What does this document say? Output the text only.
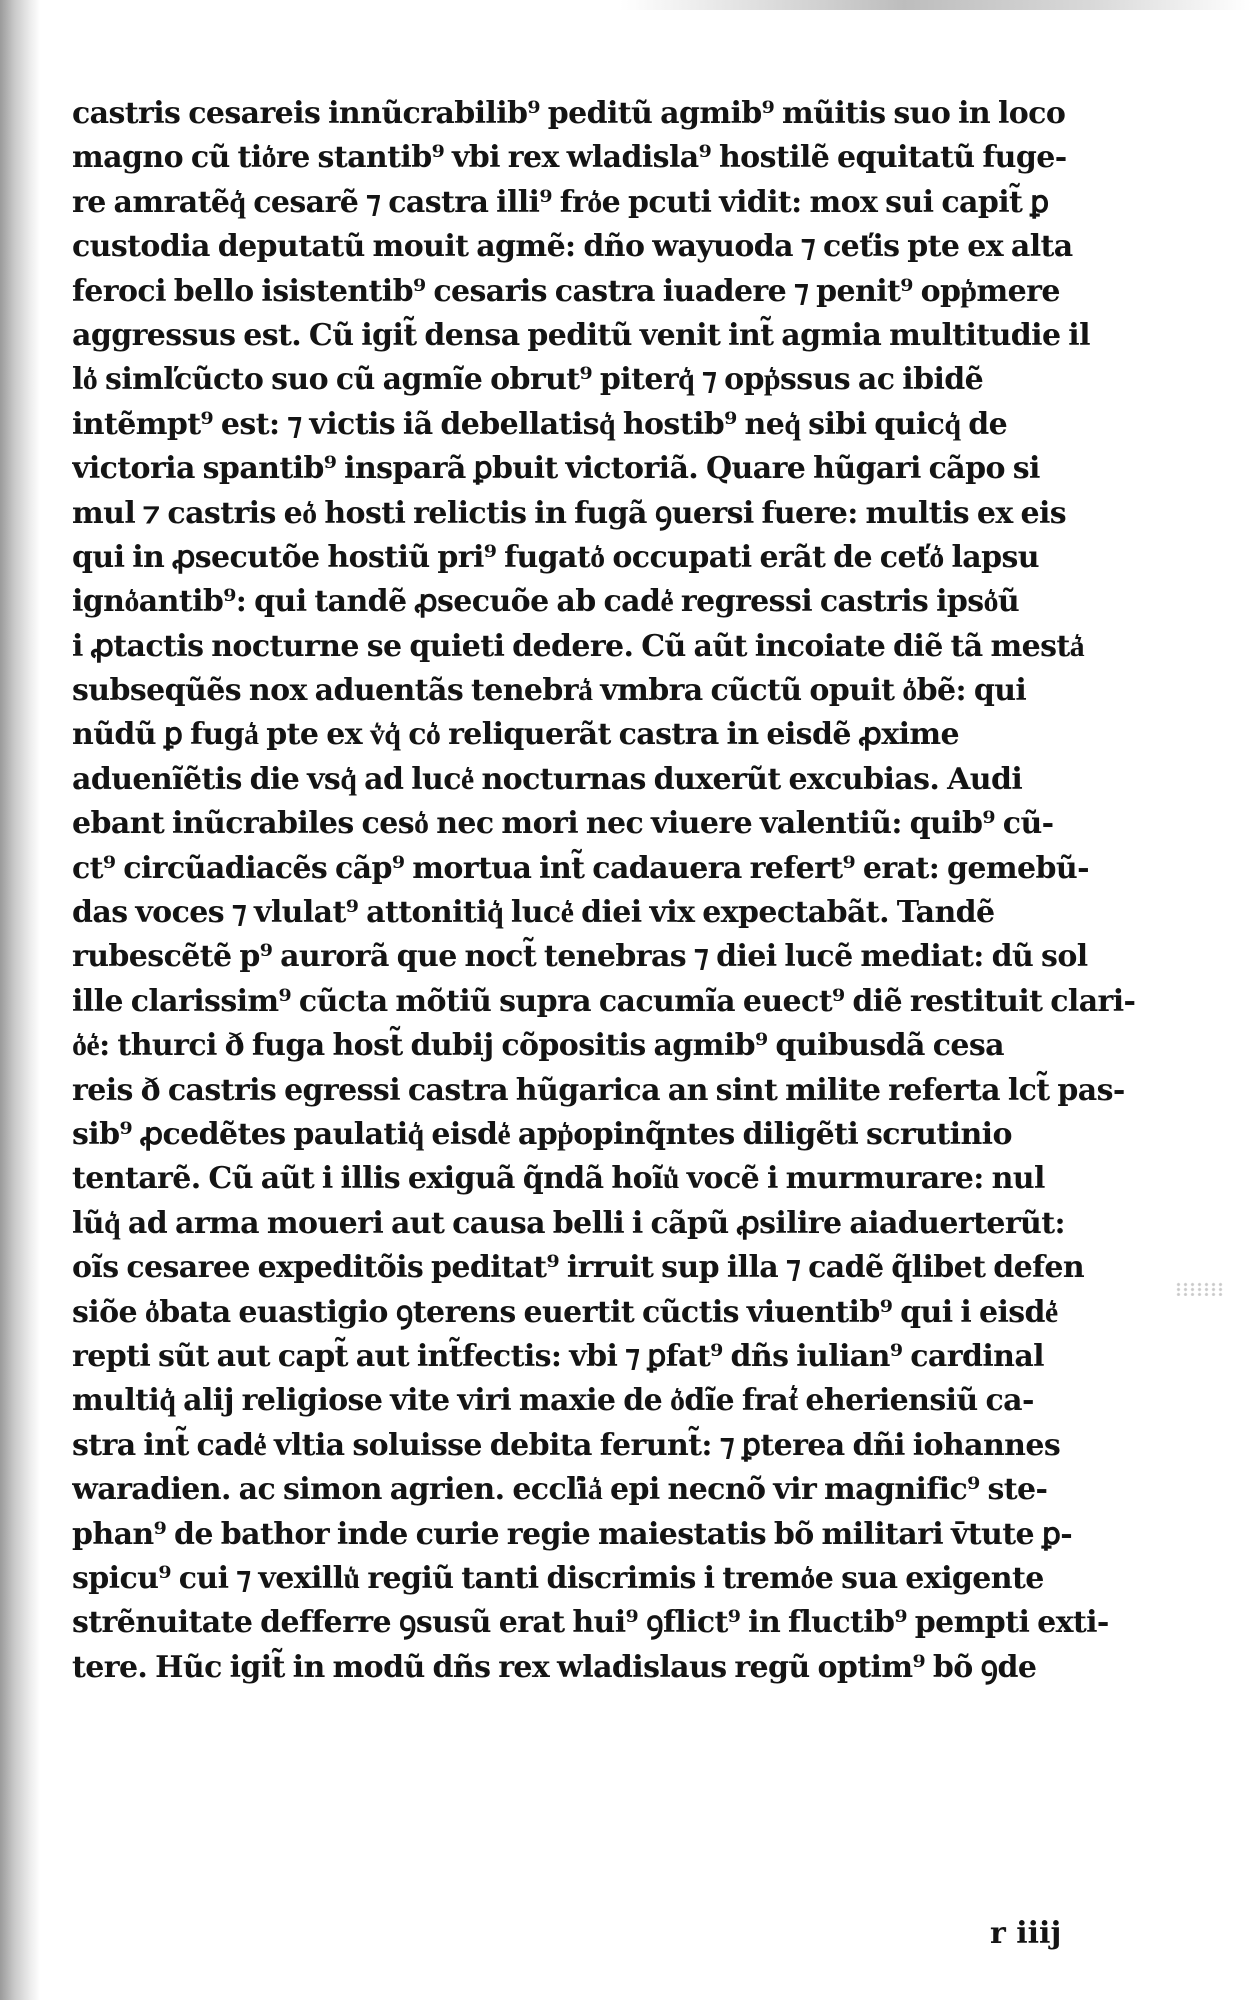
castris cesareis innũcrabilib⁹ peditũ agmib⁹ mũitis suo in loco
magno cũ tio͛re stantib⁹ vbi rex wladisla⁹ hostilẽ equitatũ fuge-
re amratẽq͛ cesarẽ ⁊ castra illi⁹ fro͛e pcuti vidit: mox sui capit̃ ꝑ
custodia deputatũ mouit agmẽ: dño wayuoda ⁊ ceťis pte ex alta
feroci bello isistentib⁹ cesaris castra iuadere ⁊ penit⁹ opp͛mere
aggressus est. Cũ igit̃ densa peditũ venit int̃ agmia multitudie il
lo͛ simľcũcto suo cũ agmĩe obrut⁹ piterq͛ ⁊ opp͛ssus ac ibidẽ
intẽmpt⁹ est: ⁊ victis iã debellatisq͛ hostib⁹ neq͛ sibi quicq͛ de
victoria spantib⁹ insparã ꝑbuit victoriã. Quare hũgari cãpo si
mul ⁊ castris eo͛ hosti relictis in fugã ꝯuersi fuere: multis ex eis
qui in ꝓsecutõe hostiũ pri⁹ fugato͛ occupati erãt de ceťo͛ lapsu
igno͛antib⁹: qui tandẽ ꝓsecuõe ab cade͛ regressi castris ipso͛ũ
i ꝓtactis nocturne se quieti dedere. Cũ aũt incoiate diẽ tã mesta͛
subseqũẽs nox aduentãs tenebra͛ vmbra cũctũ opuit o͛bẽ: qui
nũdũ ꝑ fuga͛ pte ex v͛q͛ co͛ reliquerãt castra in eisdẽ ꝓxime
aduenĩẽtis die vsq͛ ad luce͛ nocturnas duxerũt excubias. Audi
ebant inũcrabiles ceso͛ nec mori nec viuere valentiũ: quib⁹ cũ-
ct⁹ circũadiacẽs cãp⁹ mortua int̃ cadauera refert⁹ erat: gemebũ-
das voces ⁊ vlulat⁹ attonitiq͛ luce͛ diei vix expectabãt. Tandẽ
rubescẽtẽ p⁹ aurorã que noct̃ tenebras ⁊ diei lucẽ mediat: dũ sol
ille clarissim⁹ cũcta mõtiũ supra cacumĩa euect⁹ diẽ restituit clari-
o͛e͛: thurci ð fuga host̃ dubij cõpositis agmib⁹ quibusdã cesa
reis ð castris egressi castra hũgarica an sint milite referta lct̃ pas-
sib⁹ ꝓcedẽtes paulatiq͛ eisde͛ app͛opinq̃ntes diligẽti scrutinio
tentarẽ. Cũ aũt i illis exiguã q̃ndã hoĩu͛ vocẽ i murmurare: nul
lũq͛ ad arma moueri aut causa belli i cãpũ ꝓsilire aiaduerterũt:
oĩs cesaree expeditõis peditat⁹ irruit sup illa ⁊ cadẽ q̃libet defen
siõe o͛bata euastigio ꝯterens euertit cũctis viuentib⁹ qui i eisde͛
repti sũt aut capt̃ aut int̃fectis: vbi ⁊ ꝑfat⁹ dñs iulian⁹ cardinal
multiq͛ alij religiose vite viri maxie de o͛dĩe frat͛ eheriensiũ ca-
stra int̃ cade͛ vltia soluisse debita ferunt̃: ⁊ ꝑterea dñi iohannes
waradien. ac simon agrien. eccľia͛ epi necnõ vir magnific⁹ ste-
phan⁹ de bathor inde curie regie maiestatis bõ militari v̄tute ꝑ-
spicu⁹ cui ⁊ vexillu͛ regiũ tanti discrimis i tremo͛e sua exigente
strẽnuitate defferre ꝯsusũ erat hui⁹ ꝯflict⁹ in fluctib⁹ pempti exti-
tere. Hũc igit̃ in modũ dñs rex wladislaus regũ optim⁹ bõ ꝯde
r iiij
